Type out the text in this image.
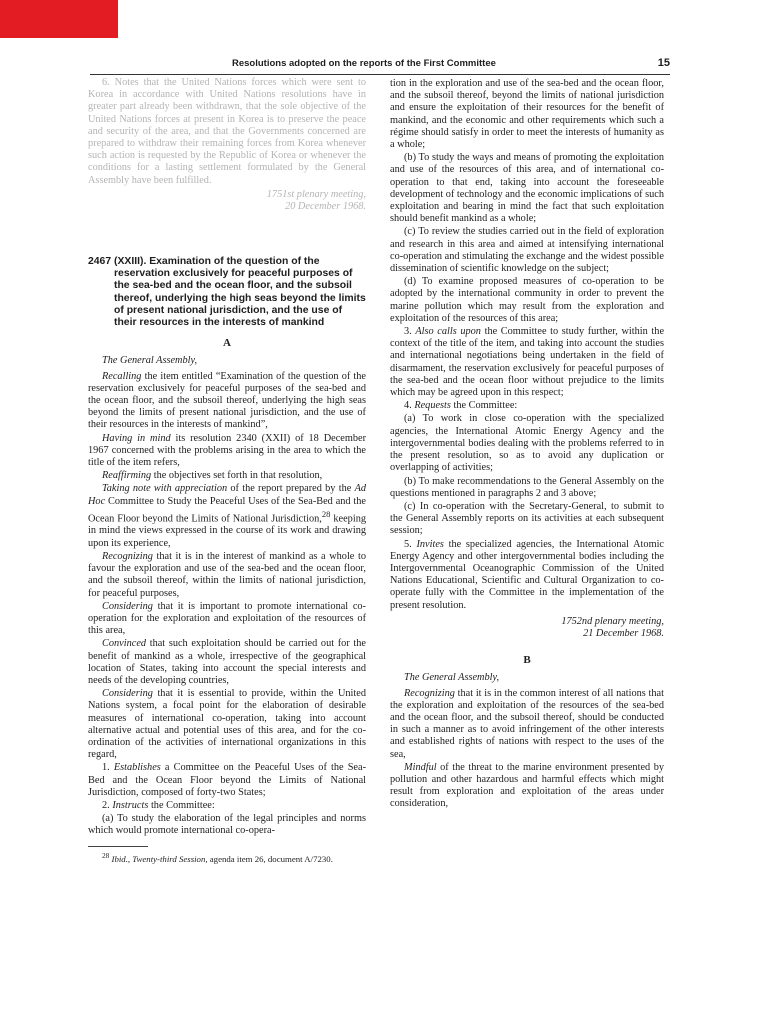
Resolutions adopted on the reports of the First Committee	15

6. Notes that the United Nations forces which were sent to Korea in accordance with United Nations resolutions have in greater part already been withdrawn, that the sole objective of the United Nations forces at present in Korea is to preserve the peace and security of the area, and that the Governments concerned are prepared to withdraw their remaining forces from Korea whenever such action is requested by the Republic of Korea or whenever the conditions for a lasting settlement formulated by the General Assembly have been fulfilled.

1751st plenary meeting,

20 December 1968.

2467 (XXIII). Examination of the question of the reservation exclusively for peaceful purposes of the sea-bed and the ocean floor, and the subsoil thereof, underlying the high seas beyond the limits of present national jurisdiction, and the use of their resources in the interests of mankind

A

The General Assembly,

Recalling the item entitled “Examination of the question of the reservation exclusively for peaceful purposes of the sea-bed and the ocean floor, and the subsoil thereof, underlying the high seas beyond the limits of present national jurisdiction, and the use of their resources in the interests of mankind”,

Having in mind its resolution 2340 (XXII) of 18 December 1967 concerned with the problems arising in the area to which the title of the item refers,

Reaffirming the objectives set forth in that resolution,

Taking note with appreciation of the report prepared by the Ad Hoc Committee to Study the Peaceful Uses of the Sea-Bed and the Ocean Floor beyond the Limits of National Jurisdiction,$^{28}$ keeping in mind the views expressed in the course of its work and drawing upon its experience,

Recognizing that it is in the interest of mankind as a whole to favour the exploration and use of the sea-bed and the ocean floor, and the subsoil thereof, within the limits of national jurisdiction, for peaceful purposes,

Considering that it is important to promote international co-operation for the exploration and exploitation of the resources of this area,

Convinced that such exploitation should be carried out for the benefit of mankind as a whole, irrespective of the geographical location of States, taking into account the special interests and needs of the developing countries,

Considering that it is essential to provide, within the United Nations system, a focal point for the elaboration of desirable measures of international co-operation, taking into account alternative actual and potential uses of this area, and for the co-ordination of the activities of international organizations in this regard,

1. Establishes a Committee on the Peaceful Uses of the Sea-Bed and the Ocean Floor beyond the Limits of National Jurisdiction, composed of forty-two States;

2. Instructs the Committee:

(a) To study the elaboration of the legal principles and norms which would promote international co-opera-

$^{28}$ Ibid., Twenty-third Session, agenda item 26, document A/7230.

tion in the exploration and use of the sea-bed and the ocean floor, and the subsoil thereof, beyond the limits of national jurisdiction and ensure the exploitation of their resources for the benefit of mankind, and the economic and other requirements which such a régime should satisfy in order to meet the interests of humanity as a whole;

(b) To study the ways and means of promoting the exploitation and use of the resources of this area, and of international co-operation to that end, taking into account the foreseeable development of technology and the economic implications of such exploitation and bearing in mind the fact that such exploitation should benefit mankind as a whole;

(c) To review the studies carried out in the field of exploration and research in this area and aimed at intensifying international co-operation and stimulating the exchange and the widest possible dissemination of scientific knowledge on the subject;

(d) To examine proposed measures of co-operation to be adopted by the international community in order to prevent the marine pollution which may result from the exploration and exploitation of the resources of this area;

3. Also calls upon the Committee to study further, within the context of the title of the item, and taking into account the studies and international negotiations being undertaken in the field of disarmament, the reservation exclusively for peaceful purposes of the sea-bed and the ocean floor without prejudice to the limits which may be agreed upon in this respect;

4. Requests the Committee:

(a) To work in close co-operation with the specialized agencies, the International Atomic Energy Agency and the intergovernmental bodies dealing with the problems referred to in the present resolution, so as to avoid any duplication or overlapping of activities;

(b) To make recommendations to the General Assembly on the questions mentioned in paragraphs 2 and 3 above;

(c) In co-operation with the Secretary-General, to submit to the General Assembly reports on its activities at each subsequent session;

5. Invites the specialized agencies, the International Atomic Energy Agency and other intergovernmental bodies including the Intergovernmental Oceanographic Commission of the United Nations Educational, Scientific and Cultural Organization to co-operate fully with the Committee in the implementation of the present resolution.

1752nd plenary meeting,

21 December 1968.

B

The General Assembly,

Recognizing that it is in the common interest of all nations that the exploration and exploitation of the resources of the sea-bed and the ocean floor, and the subsoil thereof, should be conducted in such a manner as to avoid infringement of the other interests and established rights of nations with respect to the uses of the sea,

Mindful of the threat to the marine environment presented by pollution and other hazardous and harmful effects which might result from exploration and exploitation of the areas under consideration,
